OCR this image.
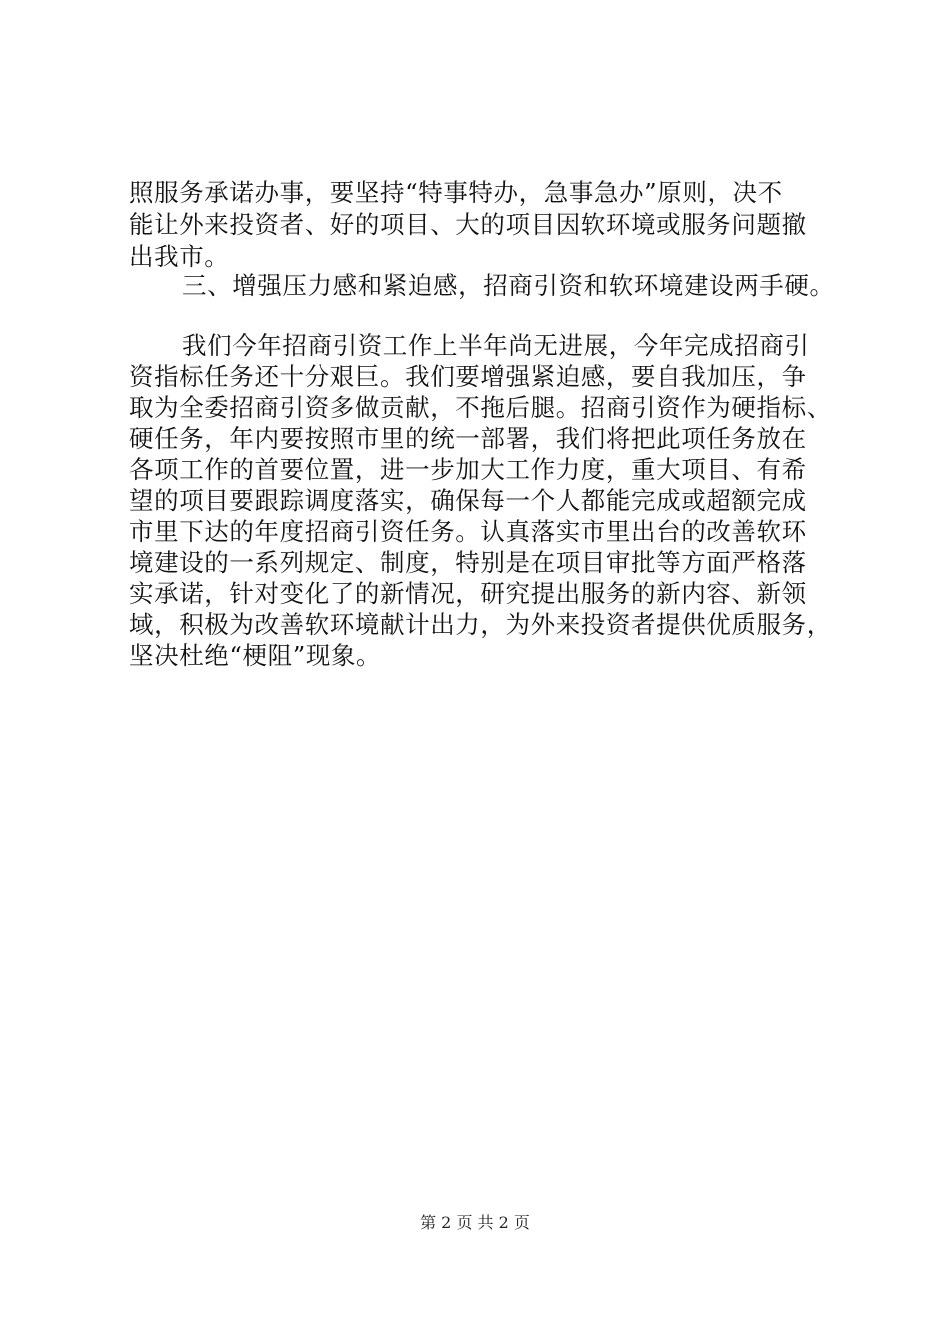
照服务承诺办事，要坚持“特事特办，急事急办”原则，决不
能让外来投资者、好的项目、大的项目因软环境或服务问题撤
出我市。
三、增强压力感和紧迫感，招商引资和软环境建设两手硬。
我们今年招商引资工作上半年尚无进展，今年完成招商引
资指标任务还十分艰巨。我们要增强紧迫感，要自我加压，争
取为全委招商引资多做贡献，不拖后腿。招商引资作为硬指标、
硬任务，年内要按照市里的统一部署，我们将把此项任务放在
各项工作的首要位置，进一步加大工作力度，重大项目、有希
望的项目要跟踪调度落实，确保每一个人都能完成或超额完成
市里下达的年度招商引资任务。认真落实市里出台的改善软环
境建设的一系列规定、制度，特别是在项目审批等方面严格落
实承诺，针对变化了的新情况，研究提出服务的新内容、新领
域，积极为改善软环境献计出力，为外来投资者提供优质服务，
坚决杜绝“梗阻”现象。
第 2 页 共 2 页
